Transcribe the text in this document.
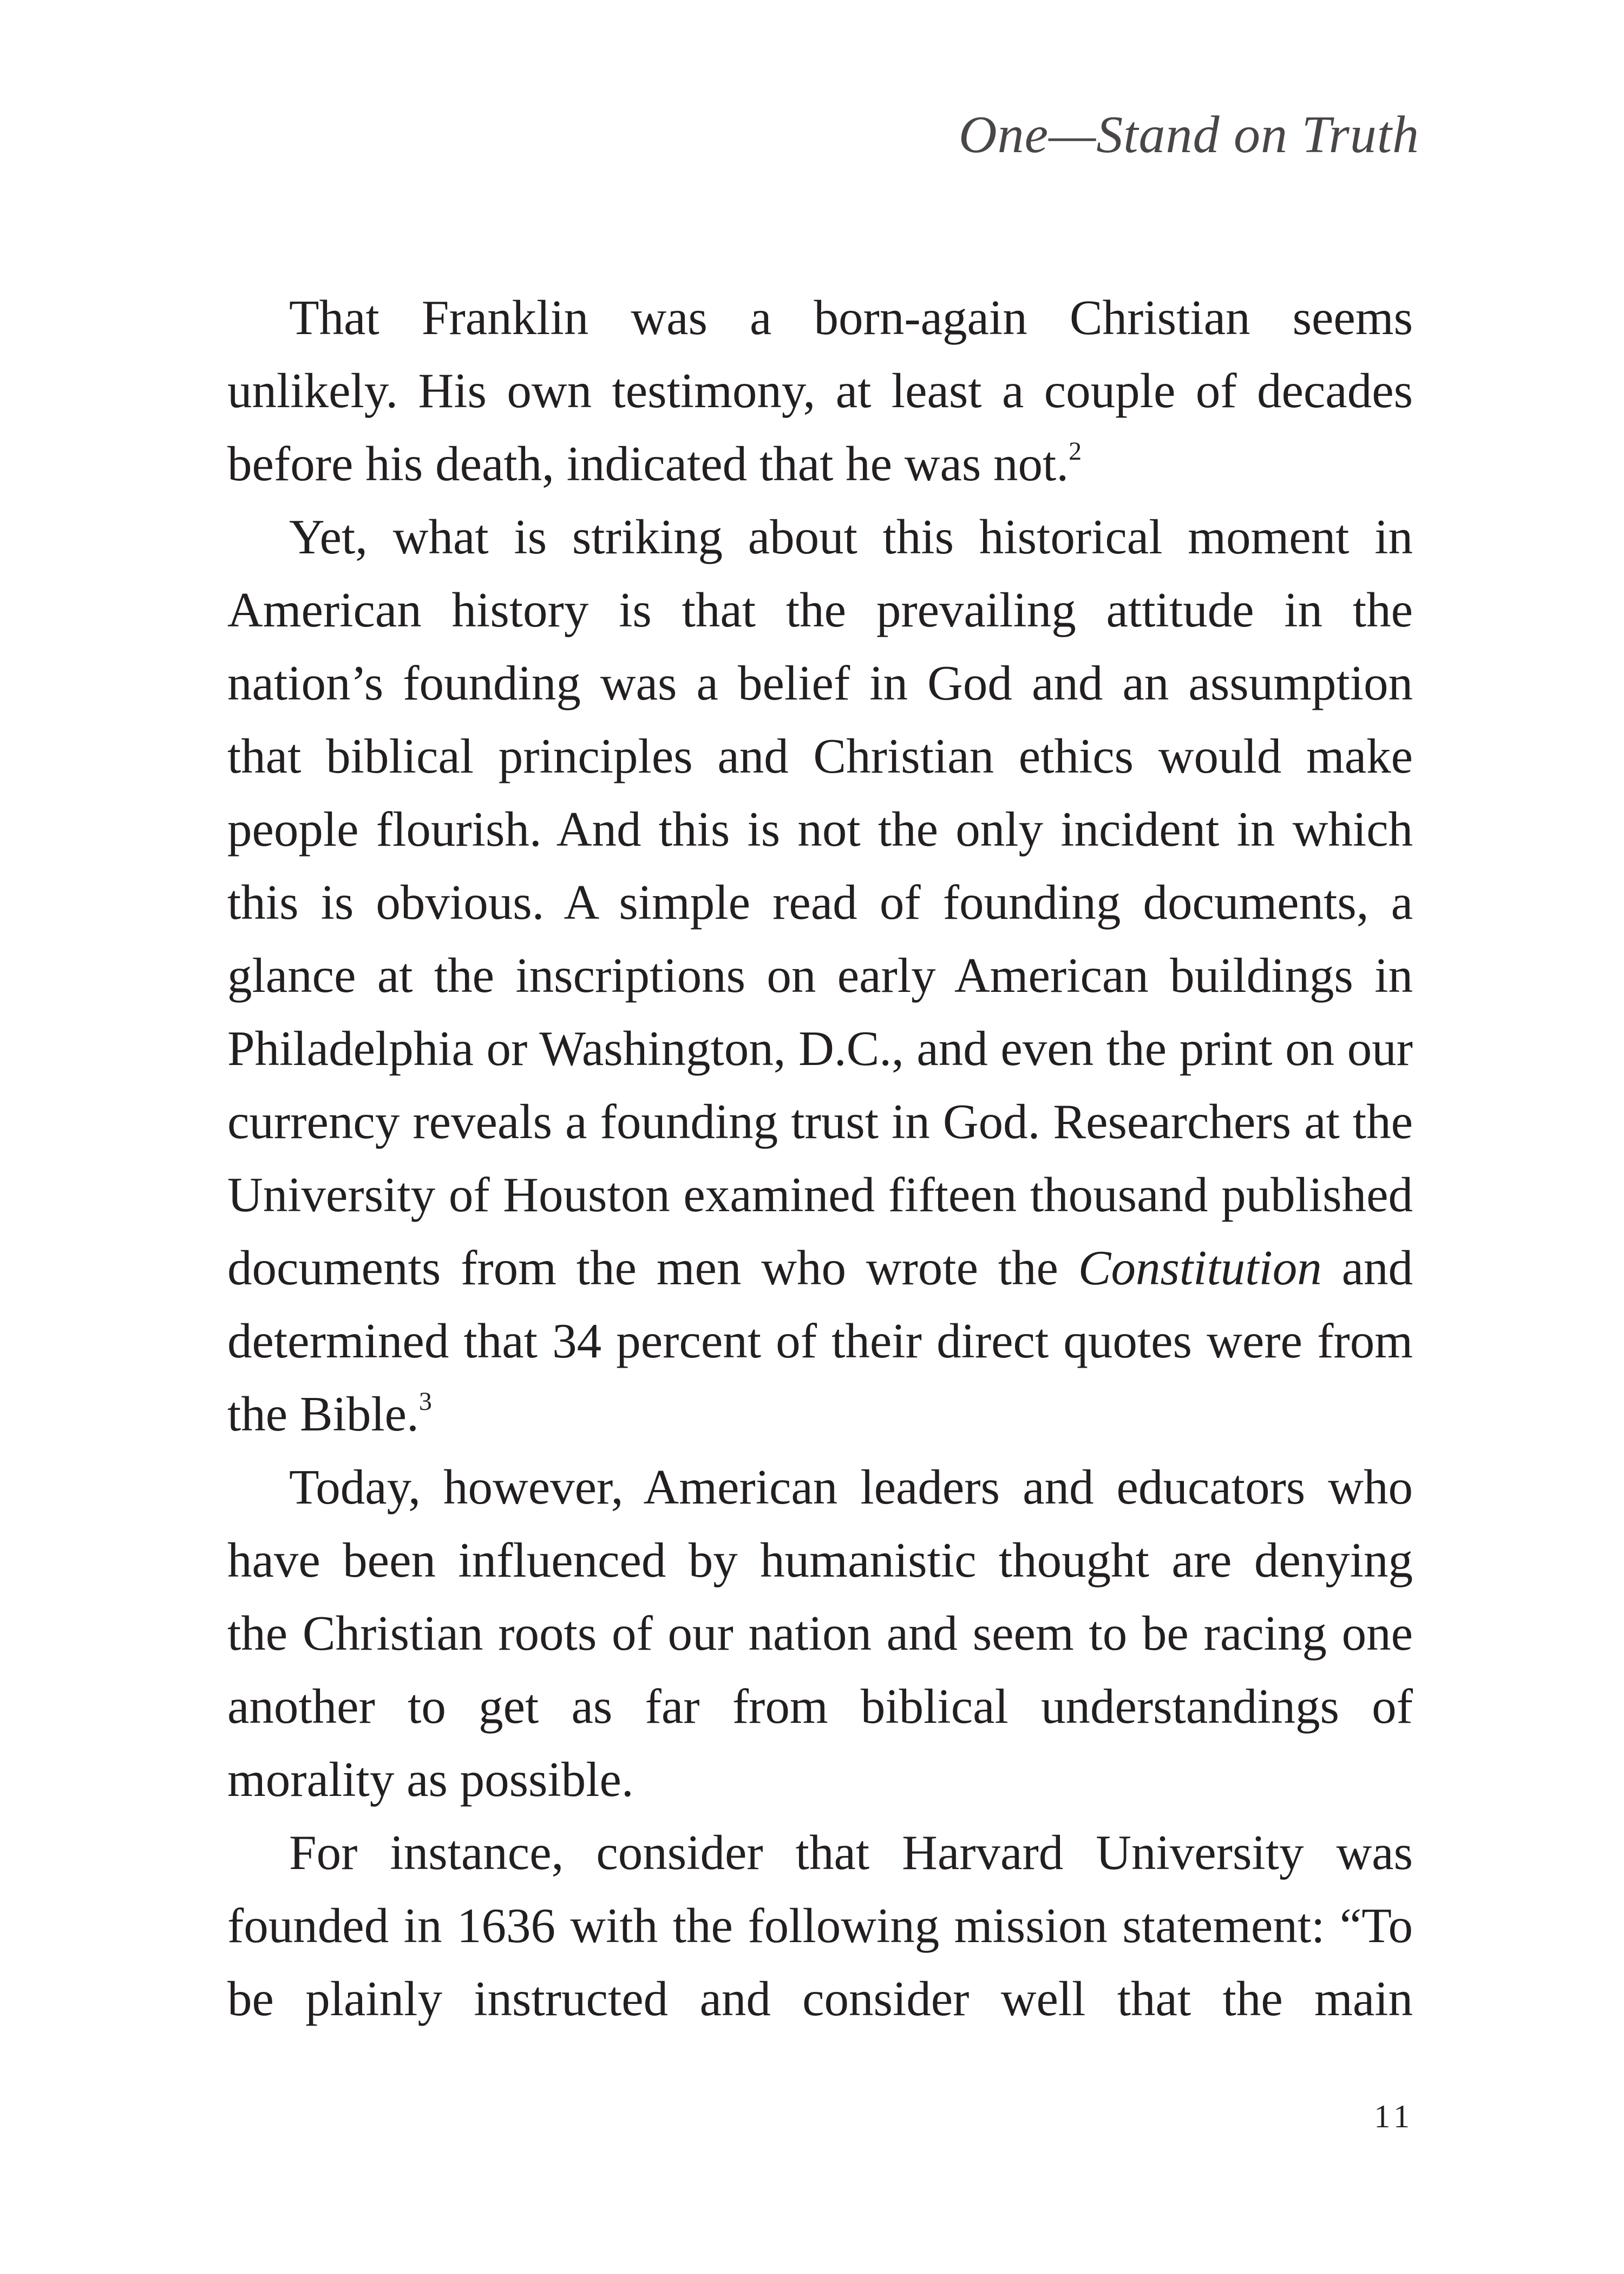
One—Stand on Truth

That Franklin was a born-again Christian seems unlikely. His own testimony, at least a couple of decades before his death, indicated that he was not.$^2$

Yet, what is striking about this historical moment in American history is that the prevailing attitude in the nation’s founding was a belief in God and an assumption that biblical principles and Christian ethics would make people flourish. And this is not the only incident in which this is obvious. A simple read of founding documents, a glance at the inscriptions on early American buildings in Philadelphia or Washington, D.C., and even the print on our currency reveals a founding trust in God. Researchers at the University of Houston examined fifteen thousand published documents from the men who wrote the Constitution and determined that 34 percent of their direct quotes were from the Bible.$^3$

Today, however, American leaders and educators who have been influenced by humanistic thought are denying the Christian roots of our nation and seem to be racing one another to get as far from biblical understandings of morality as possible.

For instance, consider that Harvard University was founded in 1636 with the following mission statement: “To be plainly instructed and consider well that the main

11
